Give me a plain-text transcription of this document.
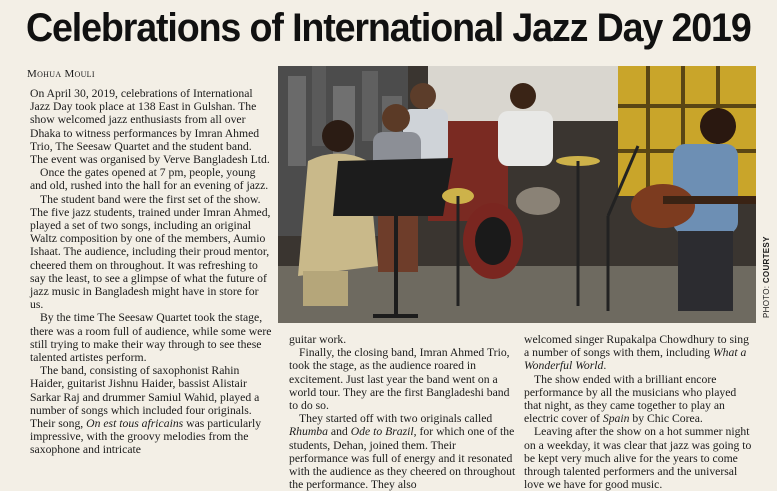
Celebrations of International Jazz Day 2019
Mohua Mouli

On April 30, 2019, celebrations of International Jazz Day took place at 138 East in Gulshan. The show welcomed jazz enthusiasts from all over Dhaka to witness performances by Imran Ahmed Trio, The Seesaw Quartet and the student band. The event was organised by Verve Bangladesh Ltd.

Once the gates opened at 7 pm, people, young and old, rushed into the hall for an evening of jazz.

The student band were the first set of the show. The five jazz students, trained under Imran Ahmed, played a set of two songs, including an original Waltz composition by one of the members, Aumio Ishaat. The audience, including their proud mentor, cheered them on throughout. It was refreshing to say the least, to see a glimpse of what the future of jazz music in Bangladesh might have in store for us.

By the time The Seesaw Quartet took the stage, there was a room full of audience, while some were still trying to make their way through to see these talented artistes perform.

The band, consisting of saxophonist Rahin Haider, guitarist Jishnu Haider, bassist Alistair Sarkar Raj and drummer Samiul Wahid, played a number of songs which included four originals. Their song, On est tous africains was particularly impressive, with the groovy melodies from the saxophone and intricate

PHOTO: COURTESY

guitar work.

Finally, the closing band, Imran Ahmed Trio, took the stage, as the audience roared in excitement. Just last year the band went on a world tour. They are the first Bangladeshi band to do so.

They started off with two originals called Rhumba and Ode to Brazil, for which one of the students, Dehan, joined them. Their performance was full of energy and it resonated with the audience as they cheered on throughout the performance. They also

welcomed singer Rupakalpa Chowdhury to sing a number of songs with them, including What a Wonderful World.

The show ended with a brilliant encore performance by all the musicians who played that night, as they came together to play an electric cover of Spain by Chic Corea.

Leaving after the show on a hot summer night on a weekday, it was clear that jazz was going to be kept very much alive for the years to come through talented performers and the universal love we have for good music.
